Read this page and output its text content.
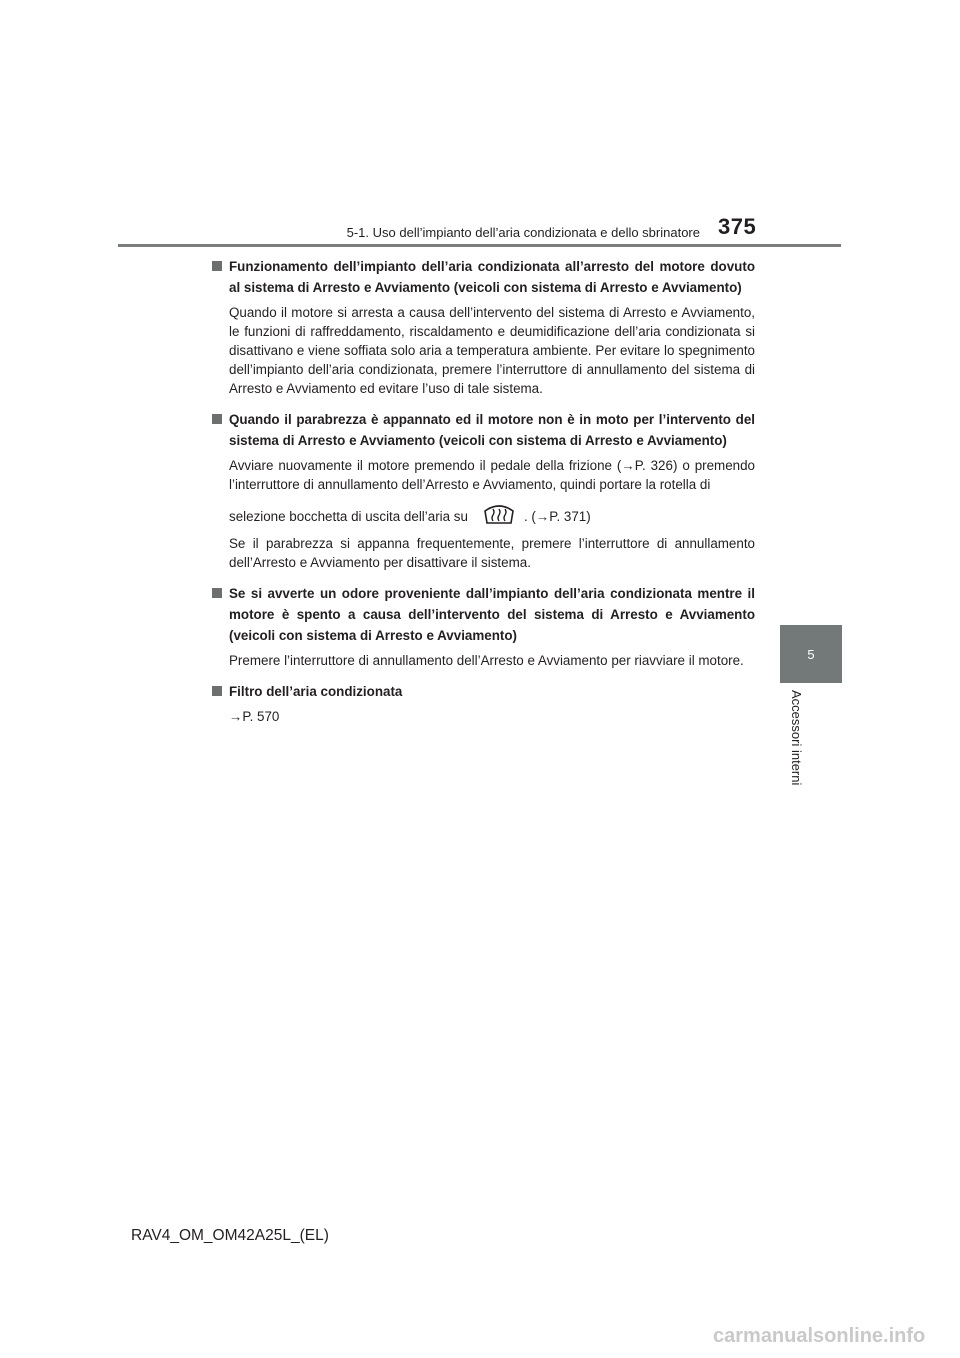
5-1. Uso dell’impianto dell’aria condizionata e dello sbrinatore 375
5
Accessori interni
Funzionamento dell’impianto dell’aria condizionata all’arresto del motore dovuto al sistema di Arresto e Avviamento (veicoli con sistema di Arresto e Avviamento)

Quando il motore si arresta a causa dell’intervento del sistema di Arresto e Avviamento, le funzioni di raffreddamento, riscaldamento e deumidificazione dell’aria condizionata si disattivano e viene soffiata solo aria a temperatura ambiente. Per evitare lo spegnimento dell’impianto dell’aria condizionata, premere l’interruttore di annullamento del sistema di Arresto e Avviamento ed evitare l’uso di tale sistema.

Quando il parabrezza è appannato ed il motore non è in moto per l’intervento del sistema di Arresto e Avviamento (veicoli con sistema di Arresto e Avviamento)

Avviare nuovamente il motore premendo il pedale della frizione (→P. 326) o premendo l’interruttore di annullamento dell’Arresto e Avviamento, quindi portare la rotella di

selezione bocchetta di uscita dell’aria su	. (→P. 371)

Se il parabrezza si appanna frequentemente, premere l’interruttore di annullamento dell’Arresto e Avviamento per disattivare il sistema.

Se si avverte un odore proveniente dall’impianto dell’aria condizionata mentre il motore è spento a causa dell’intervento del sistema di Arresto e Avviamento (veicoli con sistema di Arresto e Avviamento)

Premere l’interruttore di annullamento dell’Arresto e Avviamento per riavviare il motore.

Filtro dell’aria condizionata

→P. 570

RAV4_OM_OM42A25L_(EL)
carmanualsonline.info
